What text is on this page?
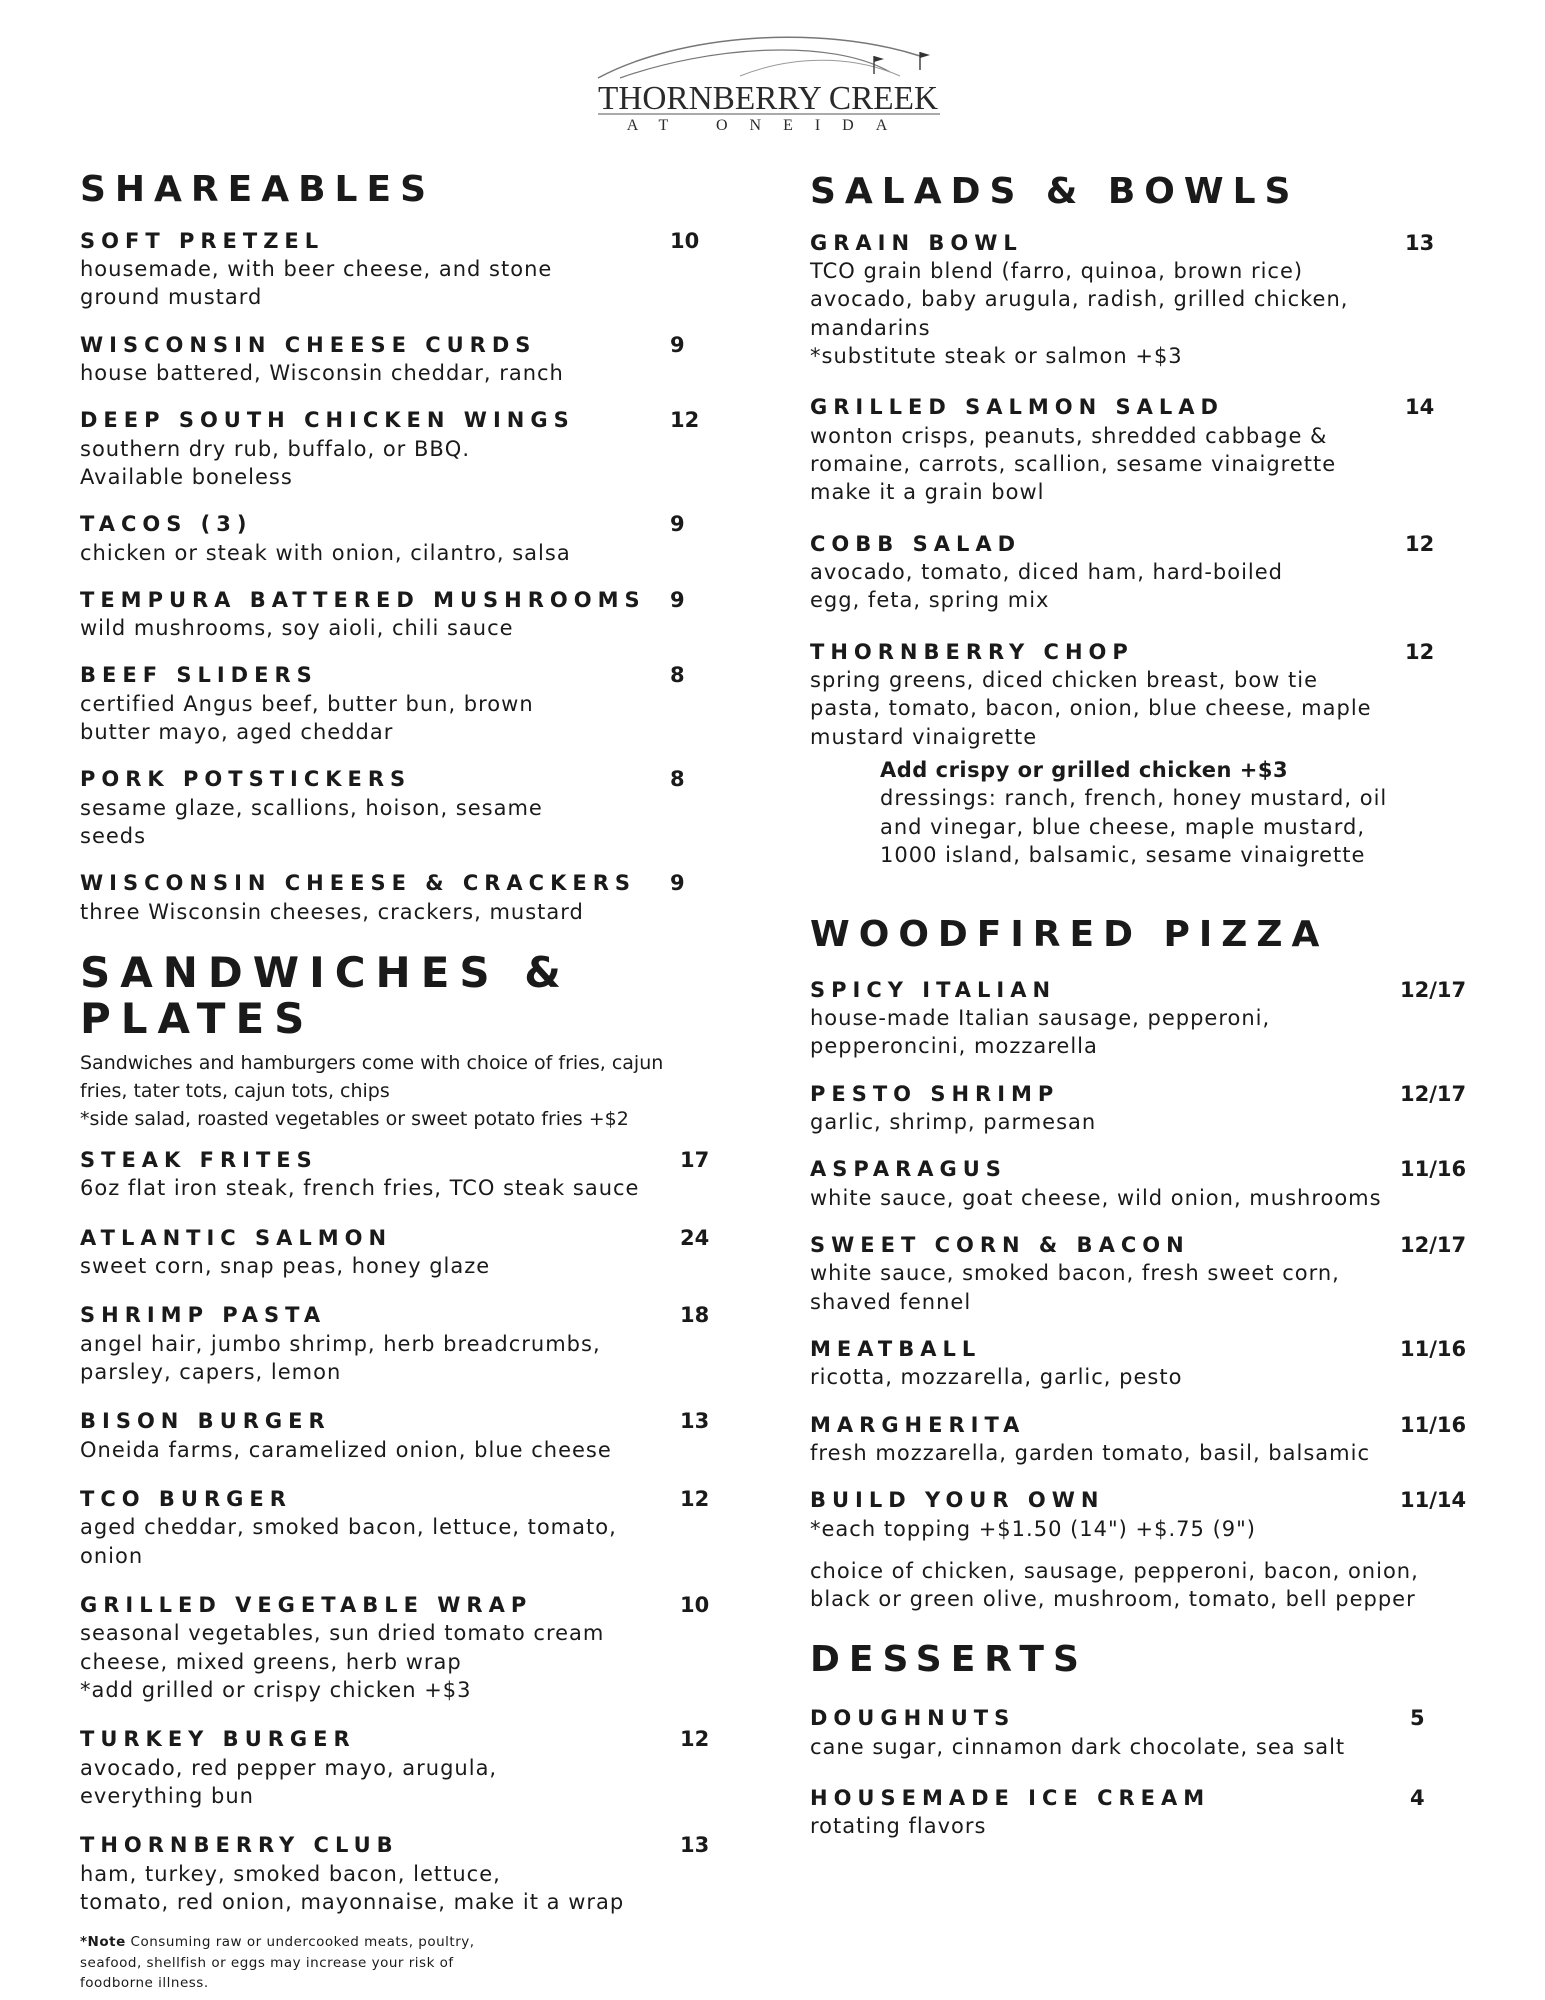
THORNBERRY CREEK
AT ONEIDA
SHAREABLES
SOFT PRETZEL	10
housemade, with beer cheese, and stone
ground mustard
WISCONSIN CHEESE CURDS	9
house battered, Wisconsin cheddar, ranch
DEEP SOUTH CHICKEN WINGS	12
southern dry rub, buffalo, or BBQ.
Available boneless
TACOS (3)	9
chicken or steak with onion, cilantro, salsa
TEMPURA BATTERED MUSHROOMS	9
wild mushrooms, soy aioli, chili sauce
BEEF SLIDERS	8
certified Angus beef, butter bun, brown
butter mayo, aged cheddar
PORK POTSTICKERS	8
sesame glaze, scallions, hoison, sesame
seeds
WISCONSIN CHEESE & CRACKERS	9
three Wisconsin cheeses, crackers, mustard
SANDWICHES & PLATES
Sandwiches and hamburgers come with choice of fries, cajun
fries, tater tots, cajun tots, chips
*side salad, roasted vegetables or sweet potato fries +$2
STEAK FRITES	17
6oz flat iron steak, french fries, TCO steak sauce
ATLANTIC SALMON	24
sweet corn, snap peas, honey glaze
SHRIMP PASTA	18
angel hair, jumbo shrimp, herb breadcrumbs,
parsley, capers, lemon
BISON BURGER	13
Oneida farms, caramelized onion, blue cheese
TCO BURGER	12
aged cheddar, smoked bacon, lettuce, tomato,
onion
GRILLED VEGETABLE WRAP	10
seasonal vegetables, sun dried tomato cream
cheese, mixed greens, herb wrap
*add grilled or crispy chicken +$3
TURKEY BURGER	12
avocado, red pepper mayo, arugula,
everything bun
THORNBERRY CLUB	13
ham, turkey, smoked bacon, lettuce,
tomato, red onion, mayonnaise, make it a wrap
*Note Consuming raw or undercooked meats, poultry, seafood, shellfish or eggs may increase your risk of foodborne illness.
SALADS & BOWLS
GRAIN BOWL	13
TCO grain blend (farro, quinoa, brown rice)
avocado, baby arugula, radish, grilled chicken,
mandarins
*substitute steak or salmon +$3
GRILLED SALMON SALAD	14
wonton crisps, peanuts, shredded cabbage &
romaine, carrots, scallion, sesame vinaigrette
make it a grain bowl
COBB SALAD	12
avocado, tomato, diced ham, hard-boiled
egg, feta, spring mix
THORNBERRY CHOP	12
spring greens, diced chicken breast, bow tie
pasta, tomato, bacon, onion, blue cheese, maple
mustard vinaigrette
Add crispy or grilled chicken +$3
dressings: ranch, french, honey mustard, oil
and vinegar, blue cheese, maple mustard,
1000 island, balsamic, sesame vinaigrette
WOODFIRED PIZZA
SPICY ITALIAN	12/17
house-made Italian sausage, pepperoni,
pepperoncini, mozzarella
PESTO SHRIMP	12/17
garlic, shrimp, parmesan
ASPARAGUS	11/16
white sauce, goat cheese, wild onion, mushrooms
SWEET CORN & BACON	12/17
white sauce, smoked bacon, fresh sweet corn,
shaved fennel
MEATBALL	11/16
ricotta, mozzarella, garlic, pesto
MARGHERITA	11/16
fresh mozzarella, garden tomato, basil, balsamic
BUILD YOUR OWN	11/14
*each topping +$1.50 (14") +$.75 (9")
choice of chicken, sausage, pepperoni, bacon, onion,
black or green olive, mushroom, tomato, bell pepper
DESSERTS
DOUGHNUTS	5
cane sugar, cinnamon dark chocolate, sea salt
HOUSEMADE ICE CREAM	4
rotating flavors
